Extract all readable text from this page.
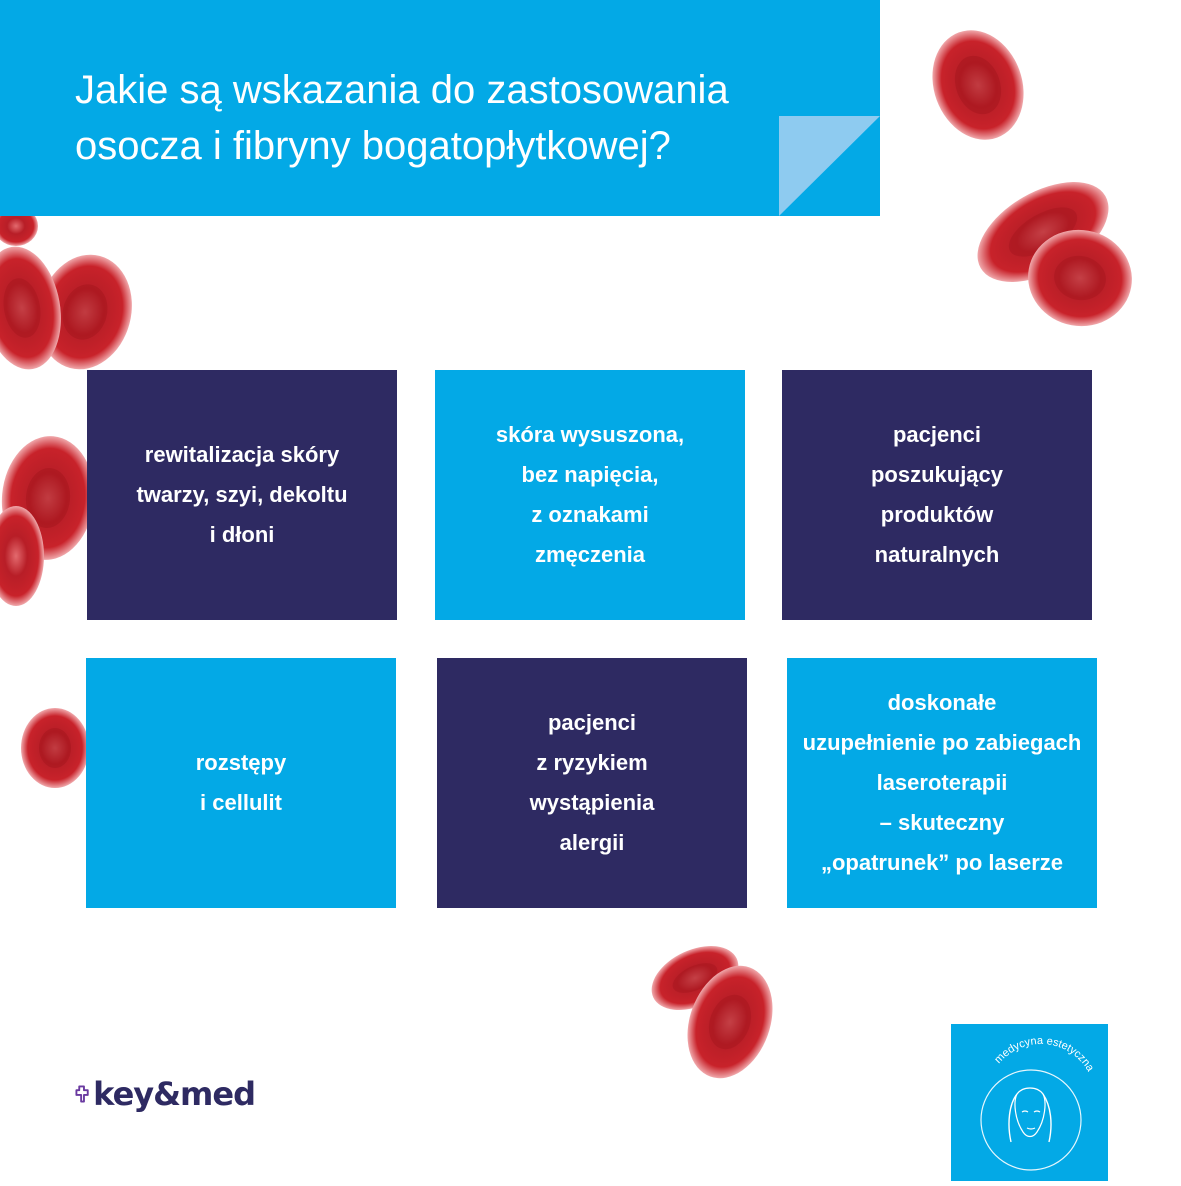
Jakie są wskazania do zastosowania
osocza i fibryny bogatopłytkowej?
rewitalizacja skóry
twarzy, szyi, dekoltu
i dłoni
skóra wysuszona,
bez napięcia,
z oznakami
zmęczenia
pacjenci
poszukujący
produktów
naturalnych
rozstępy
i cellulit
pacjenci
z ryzykiem
wystąpienia
alergii
doskonałe
uzupełnienie po zabiegach
laseroterapii
– skuteczny
„opatrunek” po laserze
key&med
medycyna estetyczna
